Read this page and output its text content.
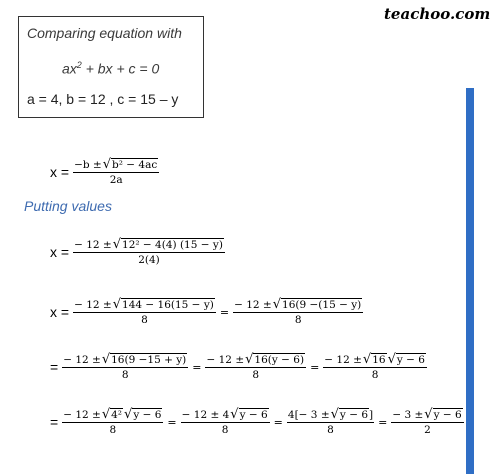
teachoo.com
Comparing equation with
$ax^2$ + bx + c = 0
a = 4, b = 12 , c = 15 – y
$x = \frac{\text{−b ± √ b² − 4ac}}{2a}$
Putting values
$x = \frac{\text{− 12 ± √ 12² − 4(4) (15 − y)}}{2(4)}$
$x = \frac{- 12 \pm √ 144 - 16(15 - y)}{8} = \frac{- 12 \pm √ 16(9 -(15 - y)}{8}$
= $\frac{- 12 \pm √ 16(9 -15 + y)}{8} = \frac{- 12 \pm √ 16(y - 6)}{8} = \frac{- 12 \pm √ 16 √ y - 6}{8}$
= $\frac{\text{− 12 ± √ 4² √ y − 6}}{8} = \frac{- 12 \pm 4 √ y - 6}{8} = \frac{4[- 3 \pm √ y - 6 ]}{8} = \frac{- 3 \pm √ y - 6}{2}$
